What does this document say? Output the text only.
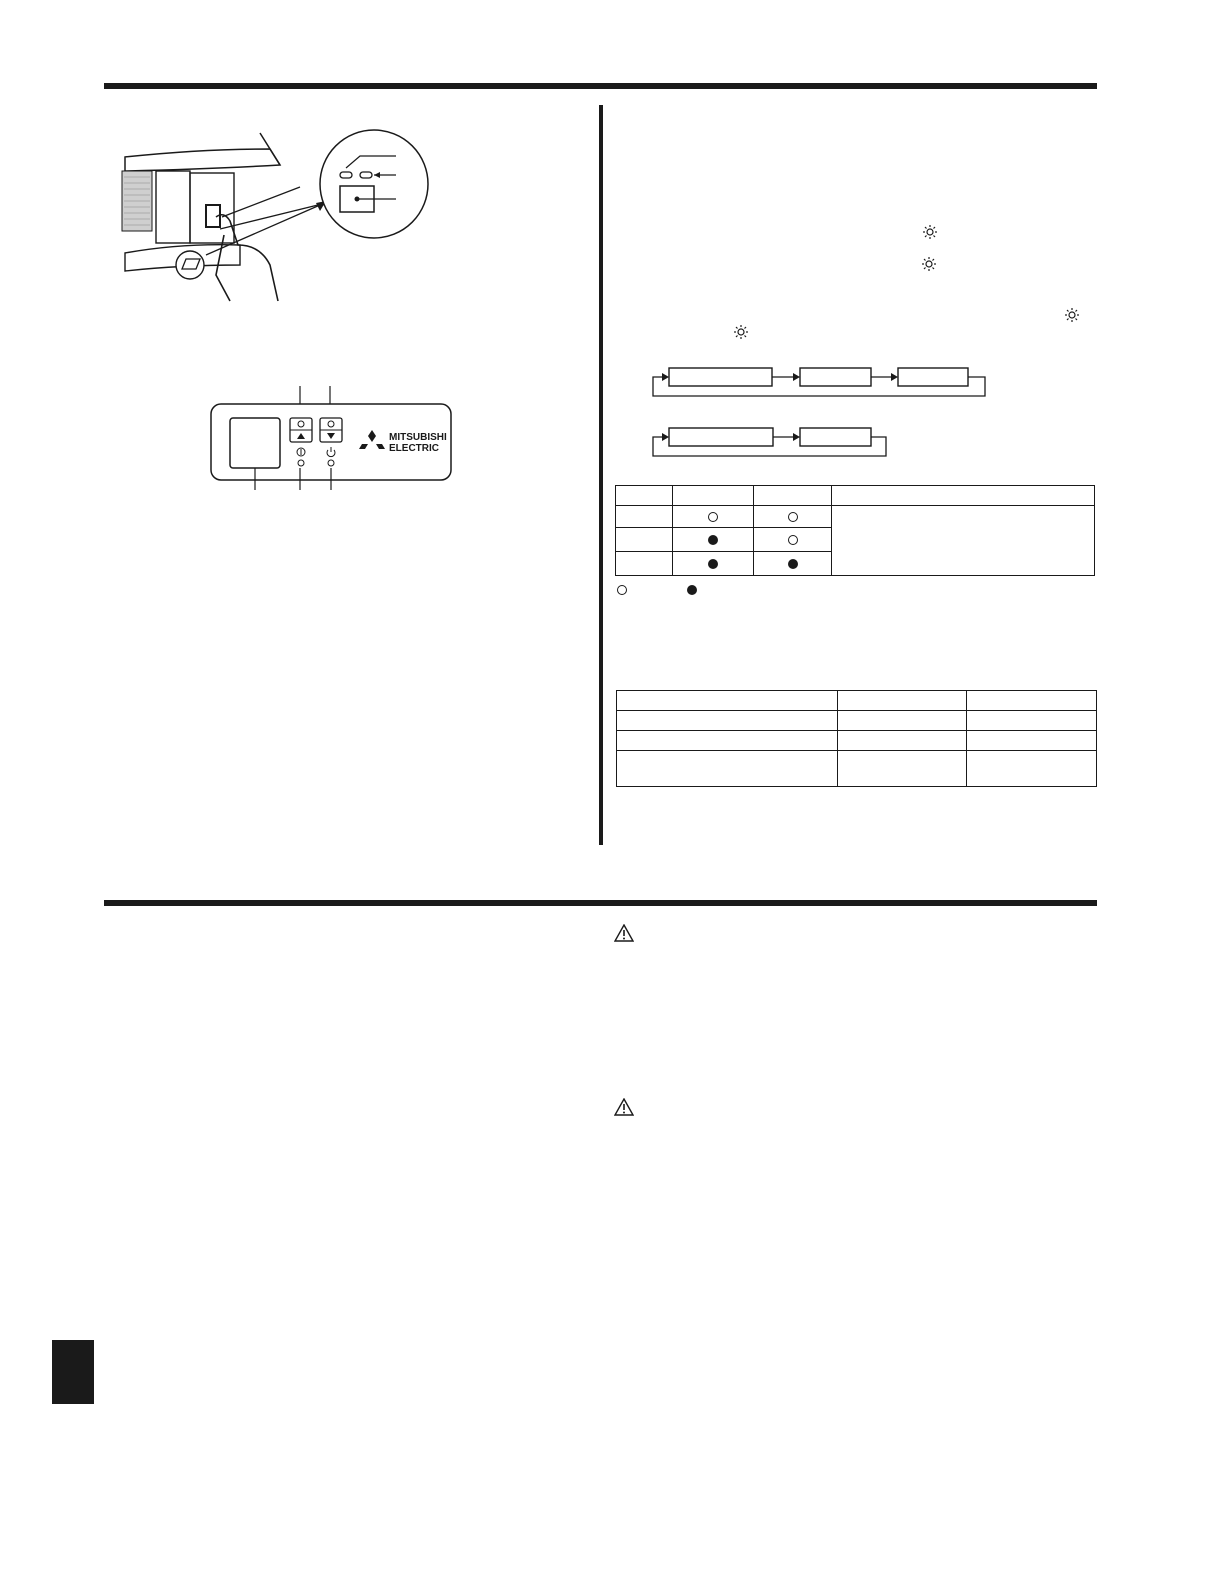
MITSUBISHI
ELECTRIC
